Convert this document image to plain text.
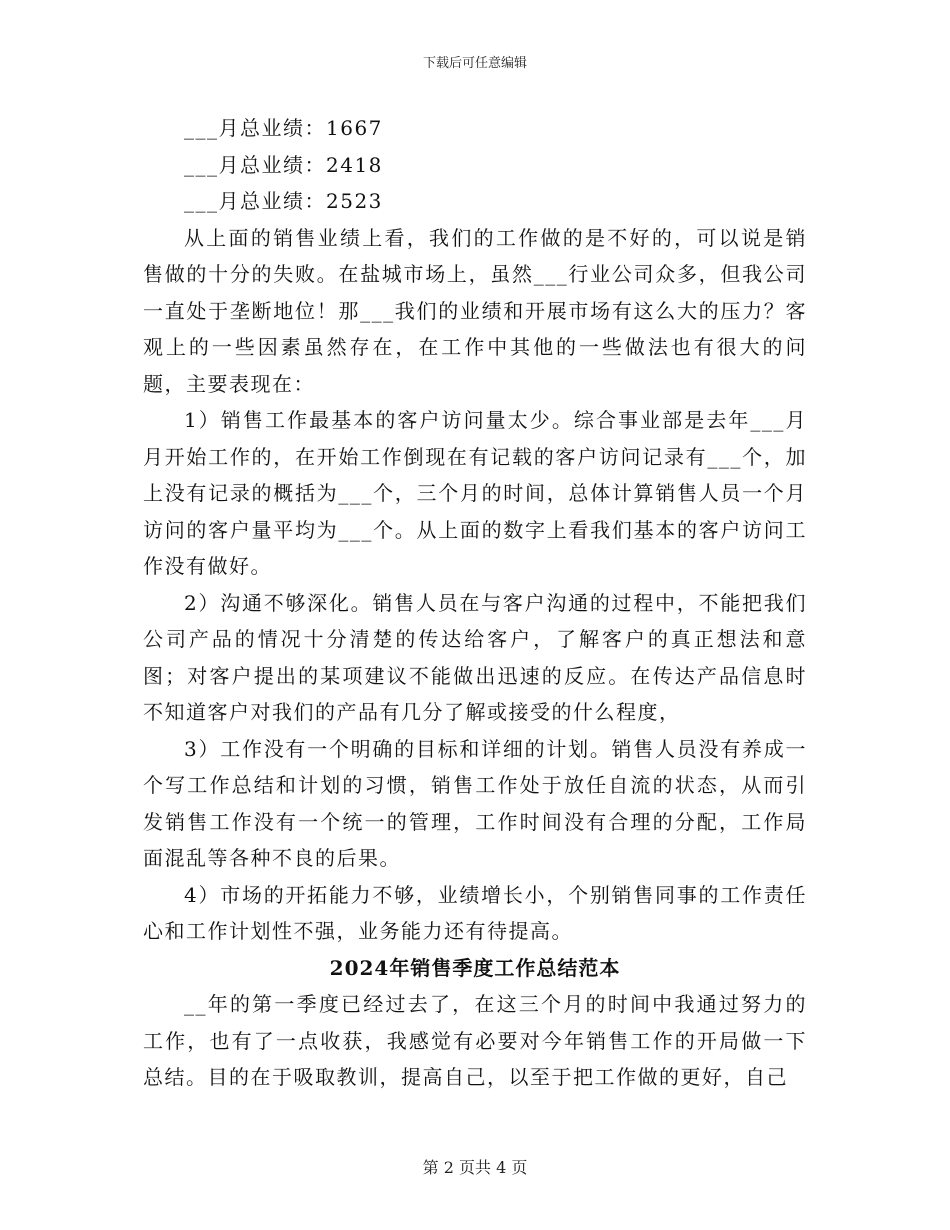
下载后可任意编辑

___月总业绩：1667

___月总业绩：2418

___月总业绩：2523

从上面的销售业绩上看，我们的工作做的是不好的，可以说是销售做的十分的失败。在盐城市场上，虽然___行业公司众多，但我公司一直处于垄断地位！那___我们的业绩和开展市场有这么大的压力？客观上的一些因素虽然存在，在工作中其他的一些做法也有很大的问题，主要表现在：

1）销售工作最基本的客户访问量太少。综合事业部是去年___月月开始工作的，在开始工作倒现在有记载的客户访问记录有___个，加上没有记录的概括为___个，三个月的时间，总体计算销售人员一个月访问的客户量平均为___个。从上面的数字上看我们基本的客户访问工作没有做好。

2）沟通不够深化。销售人员在与客户沟通的过程中，不能把我们公司产品的情况十分清楚的传达给客户，了解客户的真正想法和意图；对客户提出的某项建议不能做出迅速的反应。在传达产品信息时不知道客户对我们的产品有几分了解或接受的什么程度，

3）工作没有一个明确的目标和详细的计划。销售人员没有养成一个写工作总结和计划的习惯，销售工作处于放任自流的状态，从而引发销售工作没有一个统一的管理，工作时间没有合理的分配，工作局面混乱等各种不良的后果。

4）市场的开拓能力不够，业绩增长小，个别销售同事的工作责任心和工作计划性不强，业务能力还有待提高。

2024年销售季度工作总结范本

__年的第一季度已经过去了，在这三个月的时间中我通过努力的工作，也有了一点收获，我感觉有必要对今年销售工作的开局做一下总结。目的在于吸取教训，提高自己，以至于把工作做的更好，自己

第 2 页共 4 页
